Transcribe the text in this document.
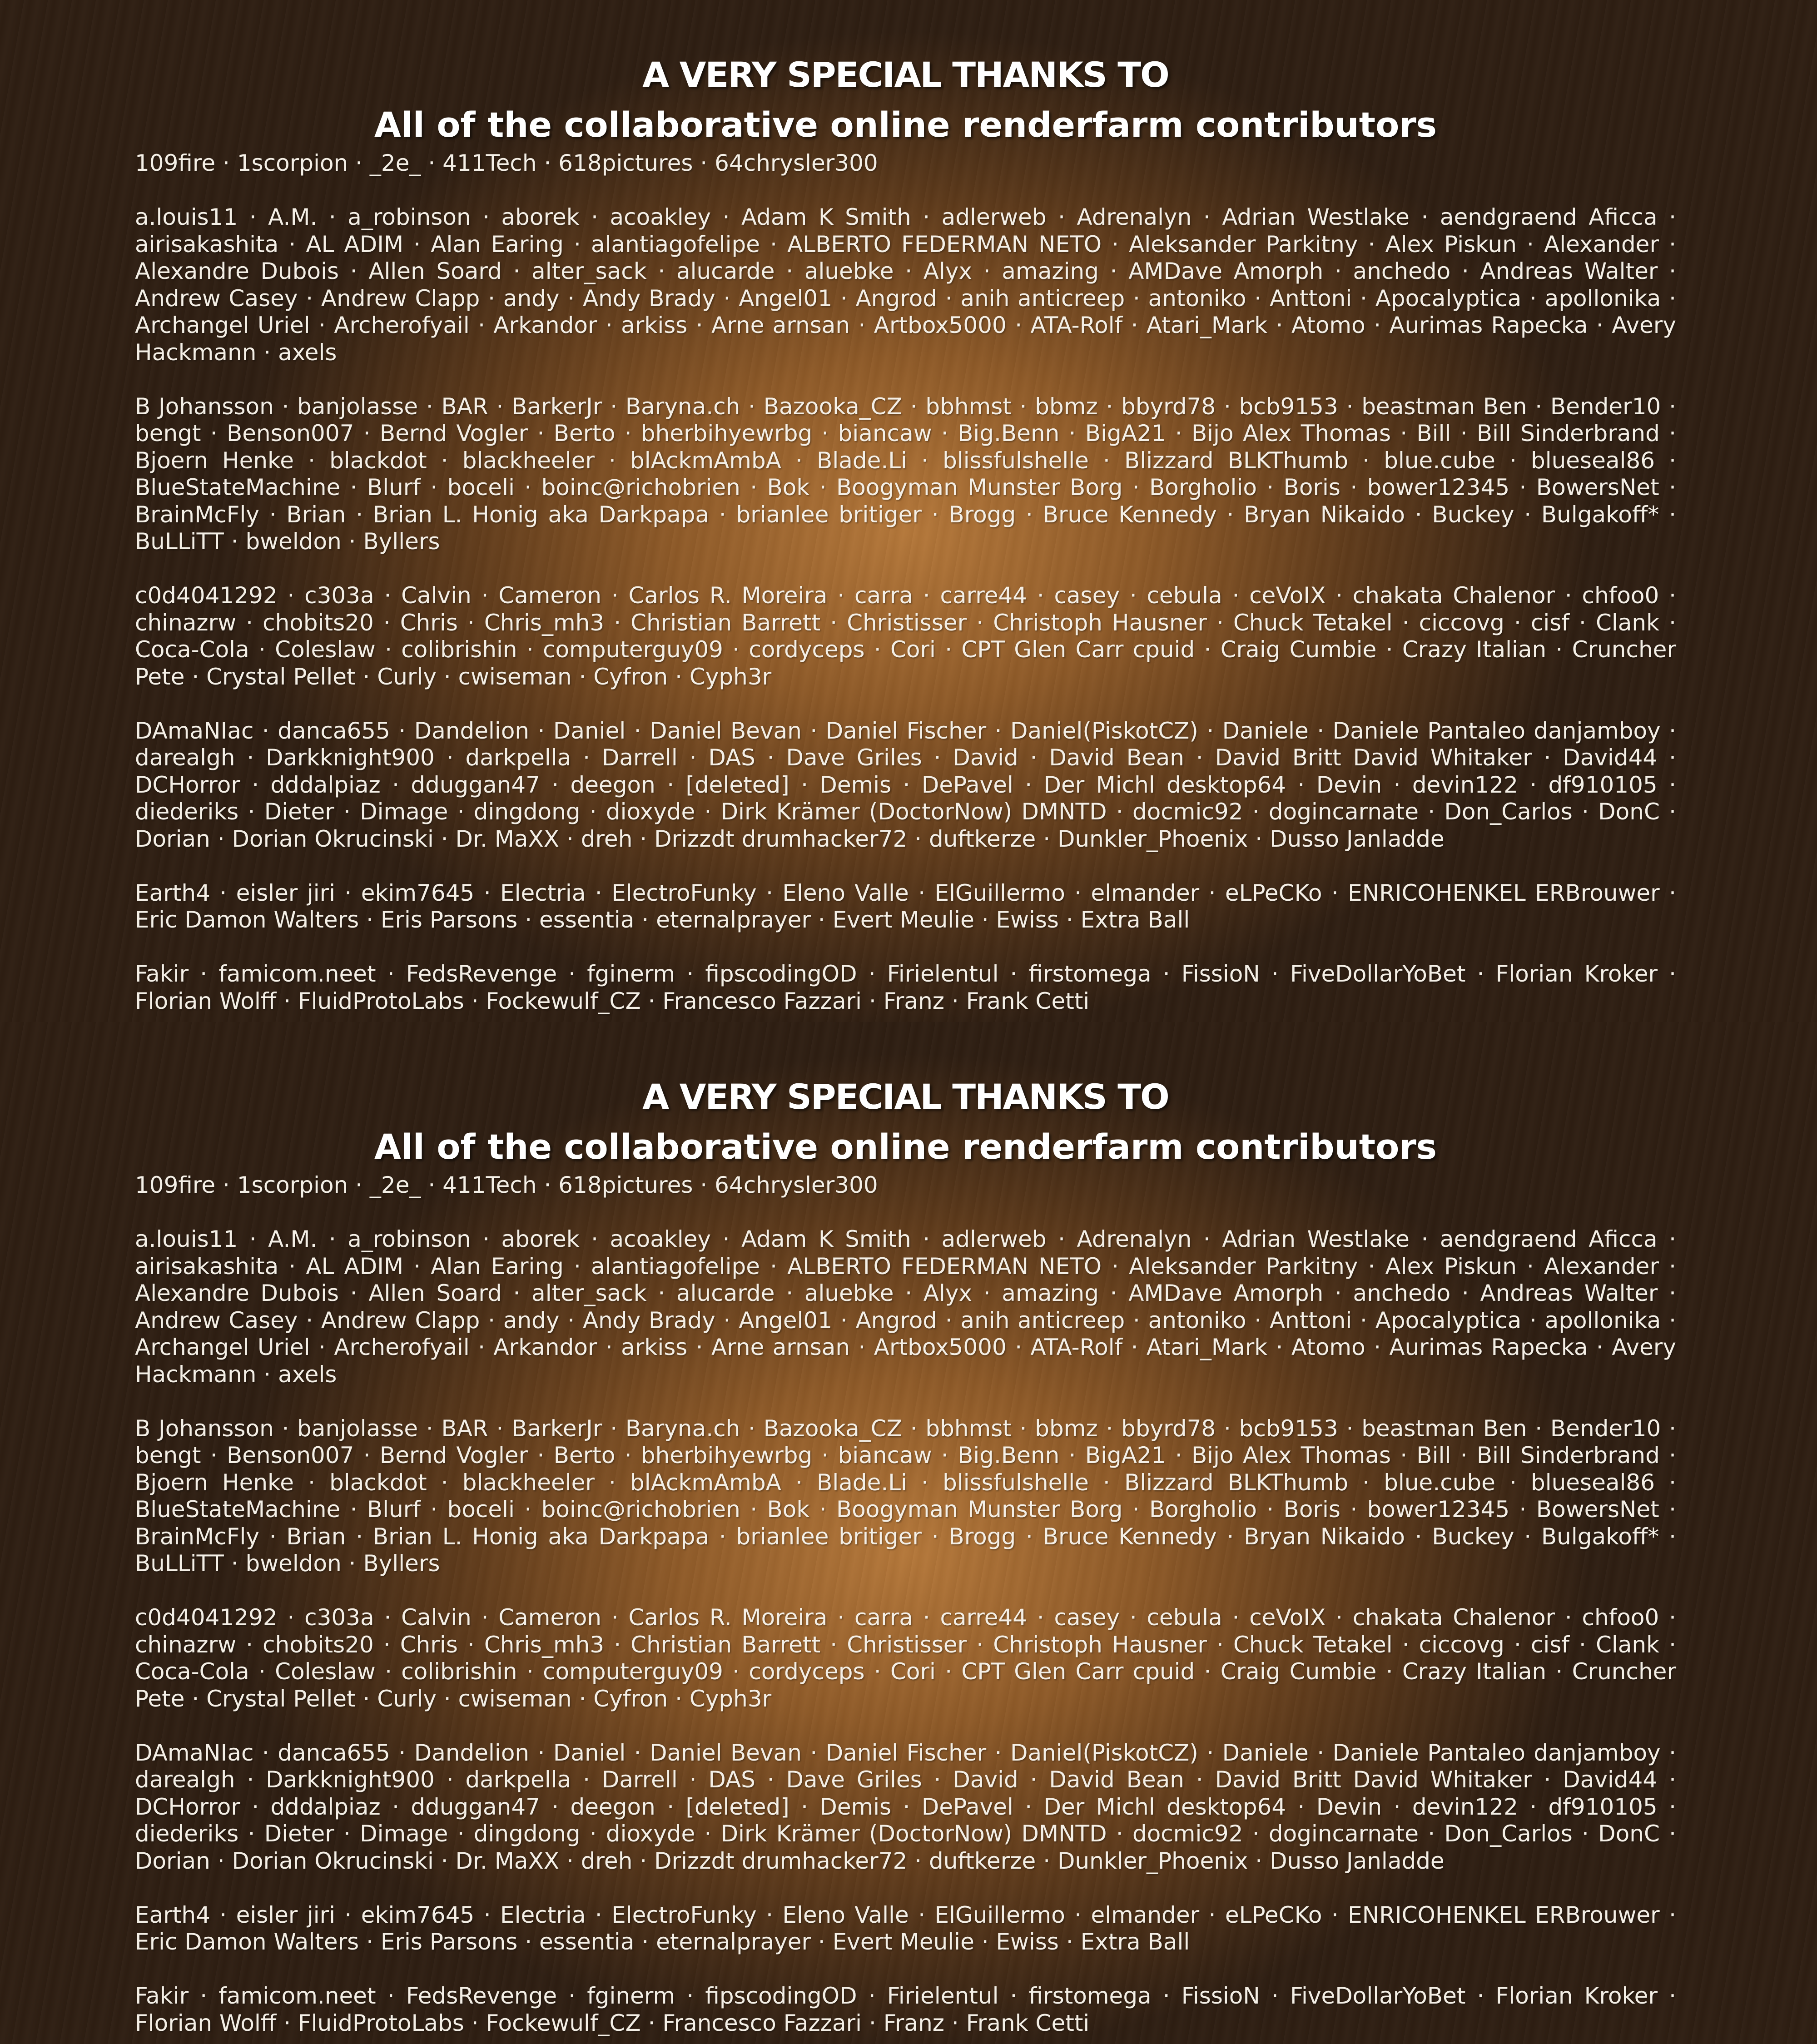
A VERY SPECIAL THANKS TO
All of the collaborative online renderfarm contributors

109fire · 1scorpion · _2e_ · 411Tech · 618pictures · 64chrysler300

a.louis11 · A.M. · a_robinson · aborek · acoakley · Adam K Smith · adlerweb · Adrenalyn · Adrian Westlake · aendgraend Aficca · airisakashita · AL ADIM · Alan Earing · alantiagofelipe · ALBERTO FEDERMAN NETO · Aleksander Parkitny · Alex Piskun · Alexander · Alexandre Dubois · Allen Soard · alter_sack · alucarde · aluebke · Alyx · amazing · AMDave Amorph · anchedo · Andreas Walter · Andrew Casey · Andrew Clapp · andy · Andy Brady · Angel01 · Angrod · anih anticreep · antoniko · Anttoni · Apocalyptica · apollonika · Archangel Uriel · Archerofyail · Arkandor · arkiss · Arne arnsan · Artbox5000 · ATA-Rolf · Atari_Mark · Atomo · Aurimas Rapecka · Avery Hackmann · axels

B Johansson · banjolasse · BAR · BarkerJr · Baryna.ch · Bazooka_CZ · bbhmst · bbmz · bbyrd78 · bcb9153 · beastman Ben · Bender10 · bengt · Benson007 · Bernd Vogler · Berto · bherbihyewrbg · biancaw · Big.Benn · BigA21 · Bijo Alex Thomas · Bill · Bill Sinderbrand · Bjoern Henke · blackdot · blackheeler · blAckmAmbA · Blade.Li · blissfulshelle · Blizzard BLKThumb · blue.cube · blueseal86 · BlueStateMachine · Blurf · boceli · boinc@richobrien · Bok · Boogyman Munster Borg · Borgholio · Boris · bower12345 · BowersNet · BrainMcFly · Brian · Brian L. Honig aka Darkpapa · brianlee britiger · Brogg · Bruce Kennedy · Bryan Nikaido · Buckey · Bulgakoff* · BuLLiTT · bweldon · Byllers

c0d4041292 · c303a · Calvin · Cameron · Carlos R. Moreira · carra · carre44 · casey · cebula · ceVoIX · chakata Chalenor · chfoo0 · chinazrw · chobits20 · Chris · Chris_mh3 · Christian Barrett · Christisser · Christoph Hausner · Chuck Tetakel · ciccovg · cisf · Clank · Coca-Cola · Coleslaw · colibrishin · computerguy09 · cordyceps · Cori · CPT Glen Carr cpuid · Craig Cumbie · Crazy Italian · Cruncher Pete · Crystal Pellet · Curly · cwiseman · Cyfron · Cyph3r

DAmaNIac · danca655 · Dandelion · Daniel · Daniel Bevan · Daniel Fischer · Daniel(PiskotCZ) · Daniele · Daniele Pantaleo danjamboy · darealgh · Darkknight900 · darkpella · Darrell · DAS · Dave Griles · David · David Bean · David Britt David Whitaker · David44 · DCHorror · dddalpiaz · dduggan47 · deegon · [deleted] · Demis · DePavel · Der Michl desktop64 · Devin · devin122 · df910105 · diederiks · Dieter · Dimage · dingdong · dioxyde · Dirk Krämer (DoctorNow) DMNTD · docmic92 · dogincarnate · Don_Carlos · DonC · Dorian · Dorian Okrucinski · Dr. MaXX · dreh · Drizzdt drumhacker72 · duftkerze · Dunkler_Phoenix · Dusso Janladde

Earth4 · eisler jiri · ekim7645 · Electria · ElectroFunky · Eleno Valle · ElGuillermo · elmander · eLPeCKo · ENRICOHENKEL ERBrouwer · Eric Damon Walters · Eris Parsons · essentia · eternalprayer · Evert Meulie · Ewiss · Extra Ball

Fakir · famicom.neet · FedsRevenge · fginerm · fipscodingOD · Firielentul · firstomega · FissioN · FiveDollarYoBet · Florian Kroker · Florian Wolff · FluidProtoLabs · Fockewulf_CZ · Francesco Fazzari · Franz · Frank Cetti

A VERY SPECIAL THANKS TO
All of the collaborative online renderfarm contributors

109fire · 1scorpion · _2e_ · 411Tech · 618pictures · 64chrysler300

a.louis11 · A.M. · a_robinson · aborek · acoakley · Adam K Smith · adlerweb · Adrenalyn · Adrian Westlake · aendgraend Aficca · airisakashita · AL ADIM · Alan Earing · alantiagofelipe · ALBERTO FEDERMAN NETO · Aleksander Parkitny · Alex Piskun · Alexander · Alexandre Dubois · Allen Soard · alter_sack · alucarde · aluebke · Alyx · amazing · AMDave Amorph · anchedo · Andreas Walter · Andrew Casey · Andrew Clapp · andy · Andy Brady · Angel01 · Angrod · anih anticreep · antoniko · Anttoni · Apocalyptica · apollonika · Archangel Uriel · Archerofyail · Arkandor · arkiss · Arne arnsan · Artbox5000 · ATA-Rolf · Atari_Mark · Atomo · Aurimas Rapecka · Avery Hackmann · axels

B Johansson · banjolasse · BAR · BarkerJr · Baryna.ch · Bazooka_CZ · bbhmst · bbmz · bbyrd78 · bcb9153 · beastman Ben · Bender10 · bengt · Benson007 · Bernd Vogler · Berto · bherbihyewrbg · biancaw · Big.Benn · BigA21 · Bijo Alex Thomas · Bill · Bill Sinderbrand · Bjoern Henke · blackdot · blackheeler · blAckmAmbA · Blade.Li · blissfulshelle · Blizzard BLKThumb · blue.cube · blueseal86 · BlueStateMachine · Blurf · boceli · boinc@richobrien · Bok · Boogyman Munster Borg · Borgholio · Boris · bower12345 · BowersNet · BrainMcFly · Brian · Brian L. Honig aka Darkpapa · brianlee britiger · Brogg · Bruce Kennedy · Bryan Nikaido · Buckey · Bulgakoff* · BuLLiTT · bweldon · Byllers

c0d4041292 · c303a · Calvin · Cameron · Carlos R. Moreira · carra · carre44 · casey · cebula · ceVoIX · chakata Chalenor · chfoo0 · chinazrw · chobits20 · Chris · Chris_mh3 · Christian Barrett · Christisser · Christoph Hausner · Chuck Tetakel · ciccovg · cisf · Clank · Coca-Cola · Coleslaw · colibrishin · computerguy09 · cordyceps · Cori · CPT Glen Carr cpuid · Craig Cumbie · Crazy Italian · Cruncher Pete · Crystal Pellet · Curly · cwiseman · Cyfron · Cyph3r

DAmaNIac · danca655 · Dandelion · Daniel · Daniel Bevan · Daniel Fischer · Daniel(PiskotCZ) · Daniele · Daniele Pantaleo danjamboy · darealgh · Darkknight900 · darkpella · Darrell · DAS · Dave Griles · David · David Bean · David Britt David Whitaker · David44 · DCHorror · dddalpiaz · dduggan47 · deegon · [deleted] · Demis · DePavel · Der Michl desktop64 · Devin · devin122 · df910105 · diederiks · Dieter · Dimage · dingdong · dioxyde · Dirk Krämer (DoctorNow) DMNTD · docmic92 · dogincarnate · Don_Carlos · DonC · Dorian · Dorian Okrucinski · Dr. MaXX · dreh · Drizzdt drumhacker72 · duftkerze · Dunkler_Phoenix · Dusso Janladde

Earth4 · eisler jiri · ekim7645 · Electria · ElectroFunky · Eleno Valle · ElGuillermo · elmander · eLPeCKo · ENRICOHENKEL ERBrouwer · Eric Damon Walters · Eris Parsons · essentia · eternalprayer · Evert Meulie · Ewiss · Extra Ball

Fakir · famicom.neet · FedsRevenge · fginerm · fipscodingOD · Firielentul · firstomega · FissioN · FiveDollarYoBet · Florian Kroker · Florian Wolff · FluidProtoLabs · Fockewulf_CZ · Francesco Fazzari · Franz · Frank Cetti
